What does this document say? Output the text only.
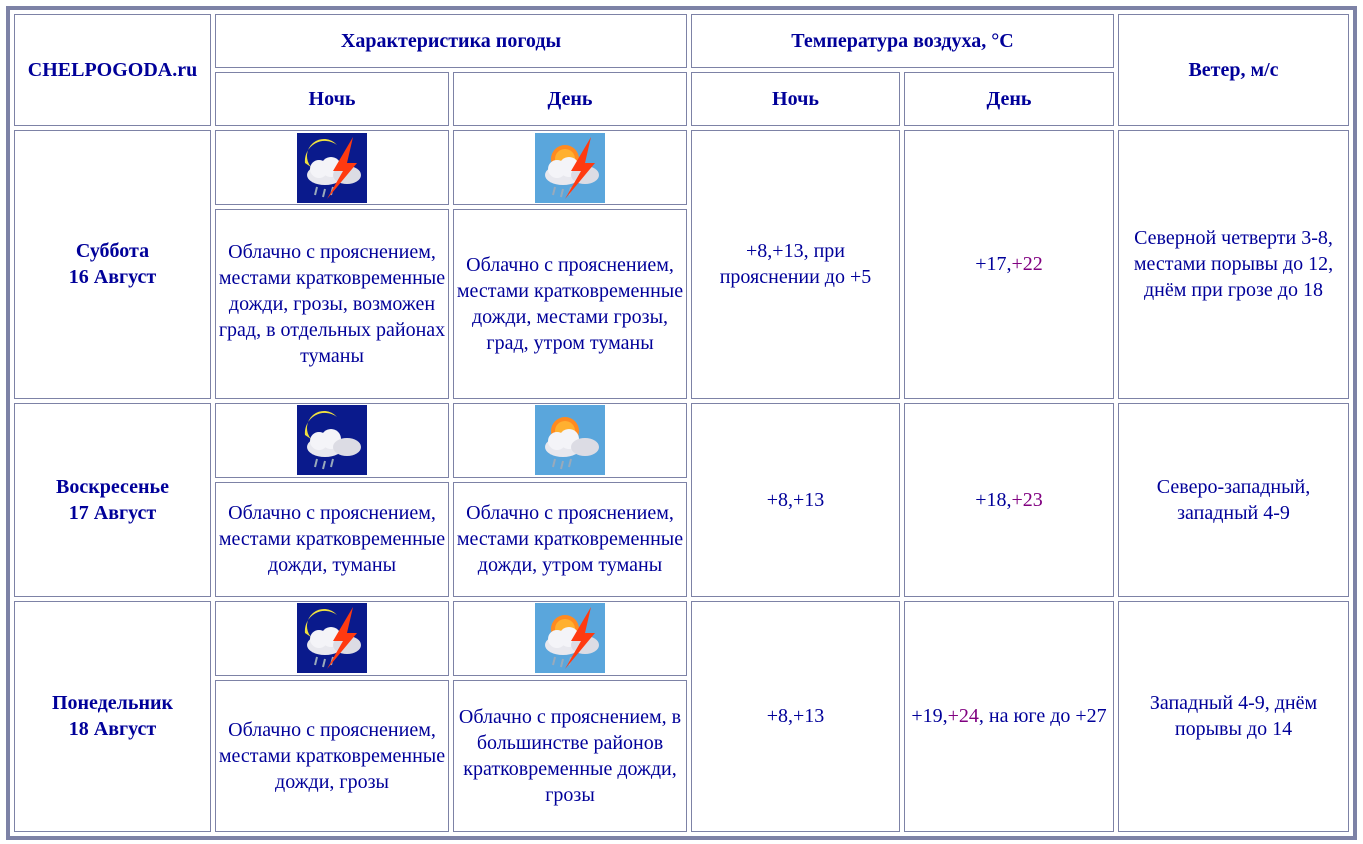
CHELPOGODA.ru	Характеристика погоды		Температура воздуха, °С		Ветер, м/с
	Ночь	День	Ночь	День	
Суббота
16 Август			+8,+13, при прояснении до +5	+17,+22	Северной четверти 3-8, местами порывы до 12, днём при грозе до 18
	Облачно с прояснением, местами кратковременные дожди, грозы, возможен град, в отдельных районах туманы	Облачно с прояснением, местами кратковременные дожди, местами грозы, град, утром туманы			
Воскресенье
17 Август			+8,+13	+18,+23	Северо-западный, западный 4-9
	Облачно с прояснением, местами кратковременные дожди, туманы	Облачно с прояснением, местами кратковременные дожди, утром туманы			
Понедельник
18 Август			+8,+13	+19,+24, на юге до +27	Западный 4-9, днём порывы до 14
	Облачно с прояснением, местами кратковременные дожди, грозы	Облачно с прояснением, в большинстве районов кратковременные дожди, грозы			
